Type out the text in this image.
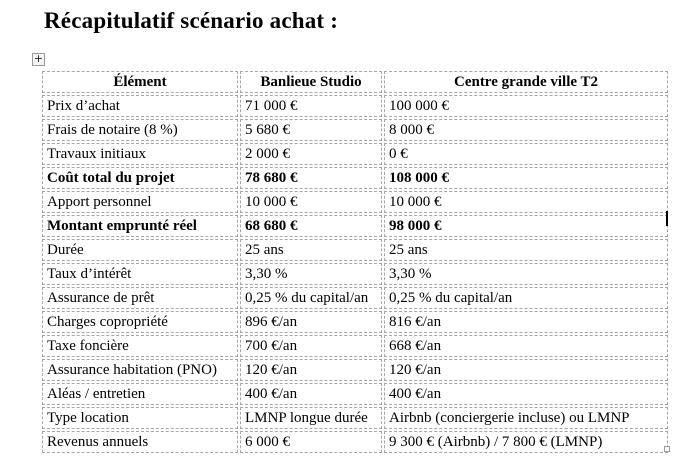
Récapitulatif scénario achat :
+
Élément	Banlieue Studio	Centre grande ville T2
Prix d’achat	71 000 €	100 000 €
Frais de notaire (8 %)	5 680 €	8 000 €
Travaux initiaux	2 000 €	0 €
Coût total du projet	78 680 €	108 000 €
Apport personnel	10 000 €	10 000 €
Montant emprunté réel	68 680 €	98 000 €
Durée	25 ans	25 ans
Taux d’intérêt	3,30 %	3,30 %
Assurance de prêt	0,25 % du capital/an	0,25 % du capital/an
Charges copropriété	896 €/an	816 €/an
Taxe foncière	700 €/an	668 €/an
Assurance habitation (PNO)	120 €/an	120 €/an
Aléas / entretien	400 €/an	400 €/an
Type location	LMNP longue durée	Airbnb (conciergerie incluse) ou LMNP
Revenus annuels	6 000 €	9 300 € (Airbnb) / 7 800 € (LMNP)
